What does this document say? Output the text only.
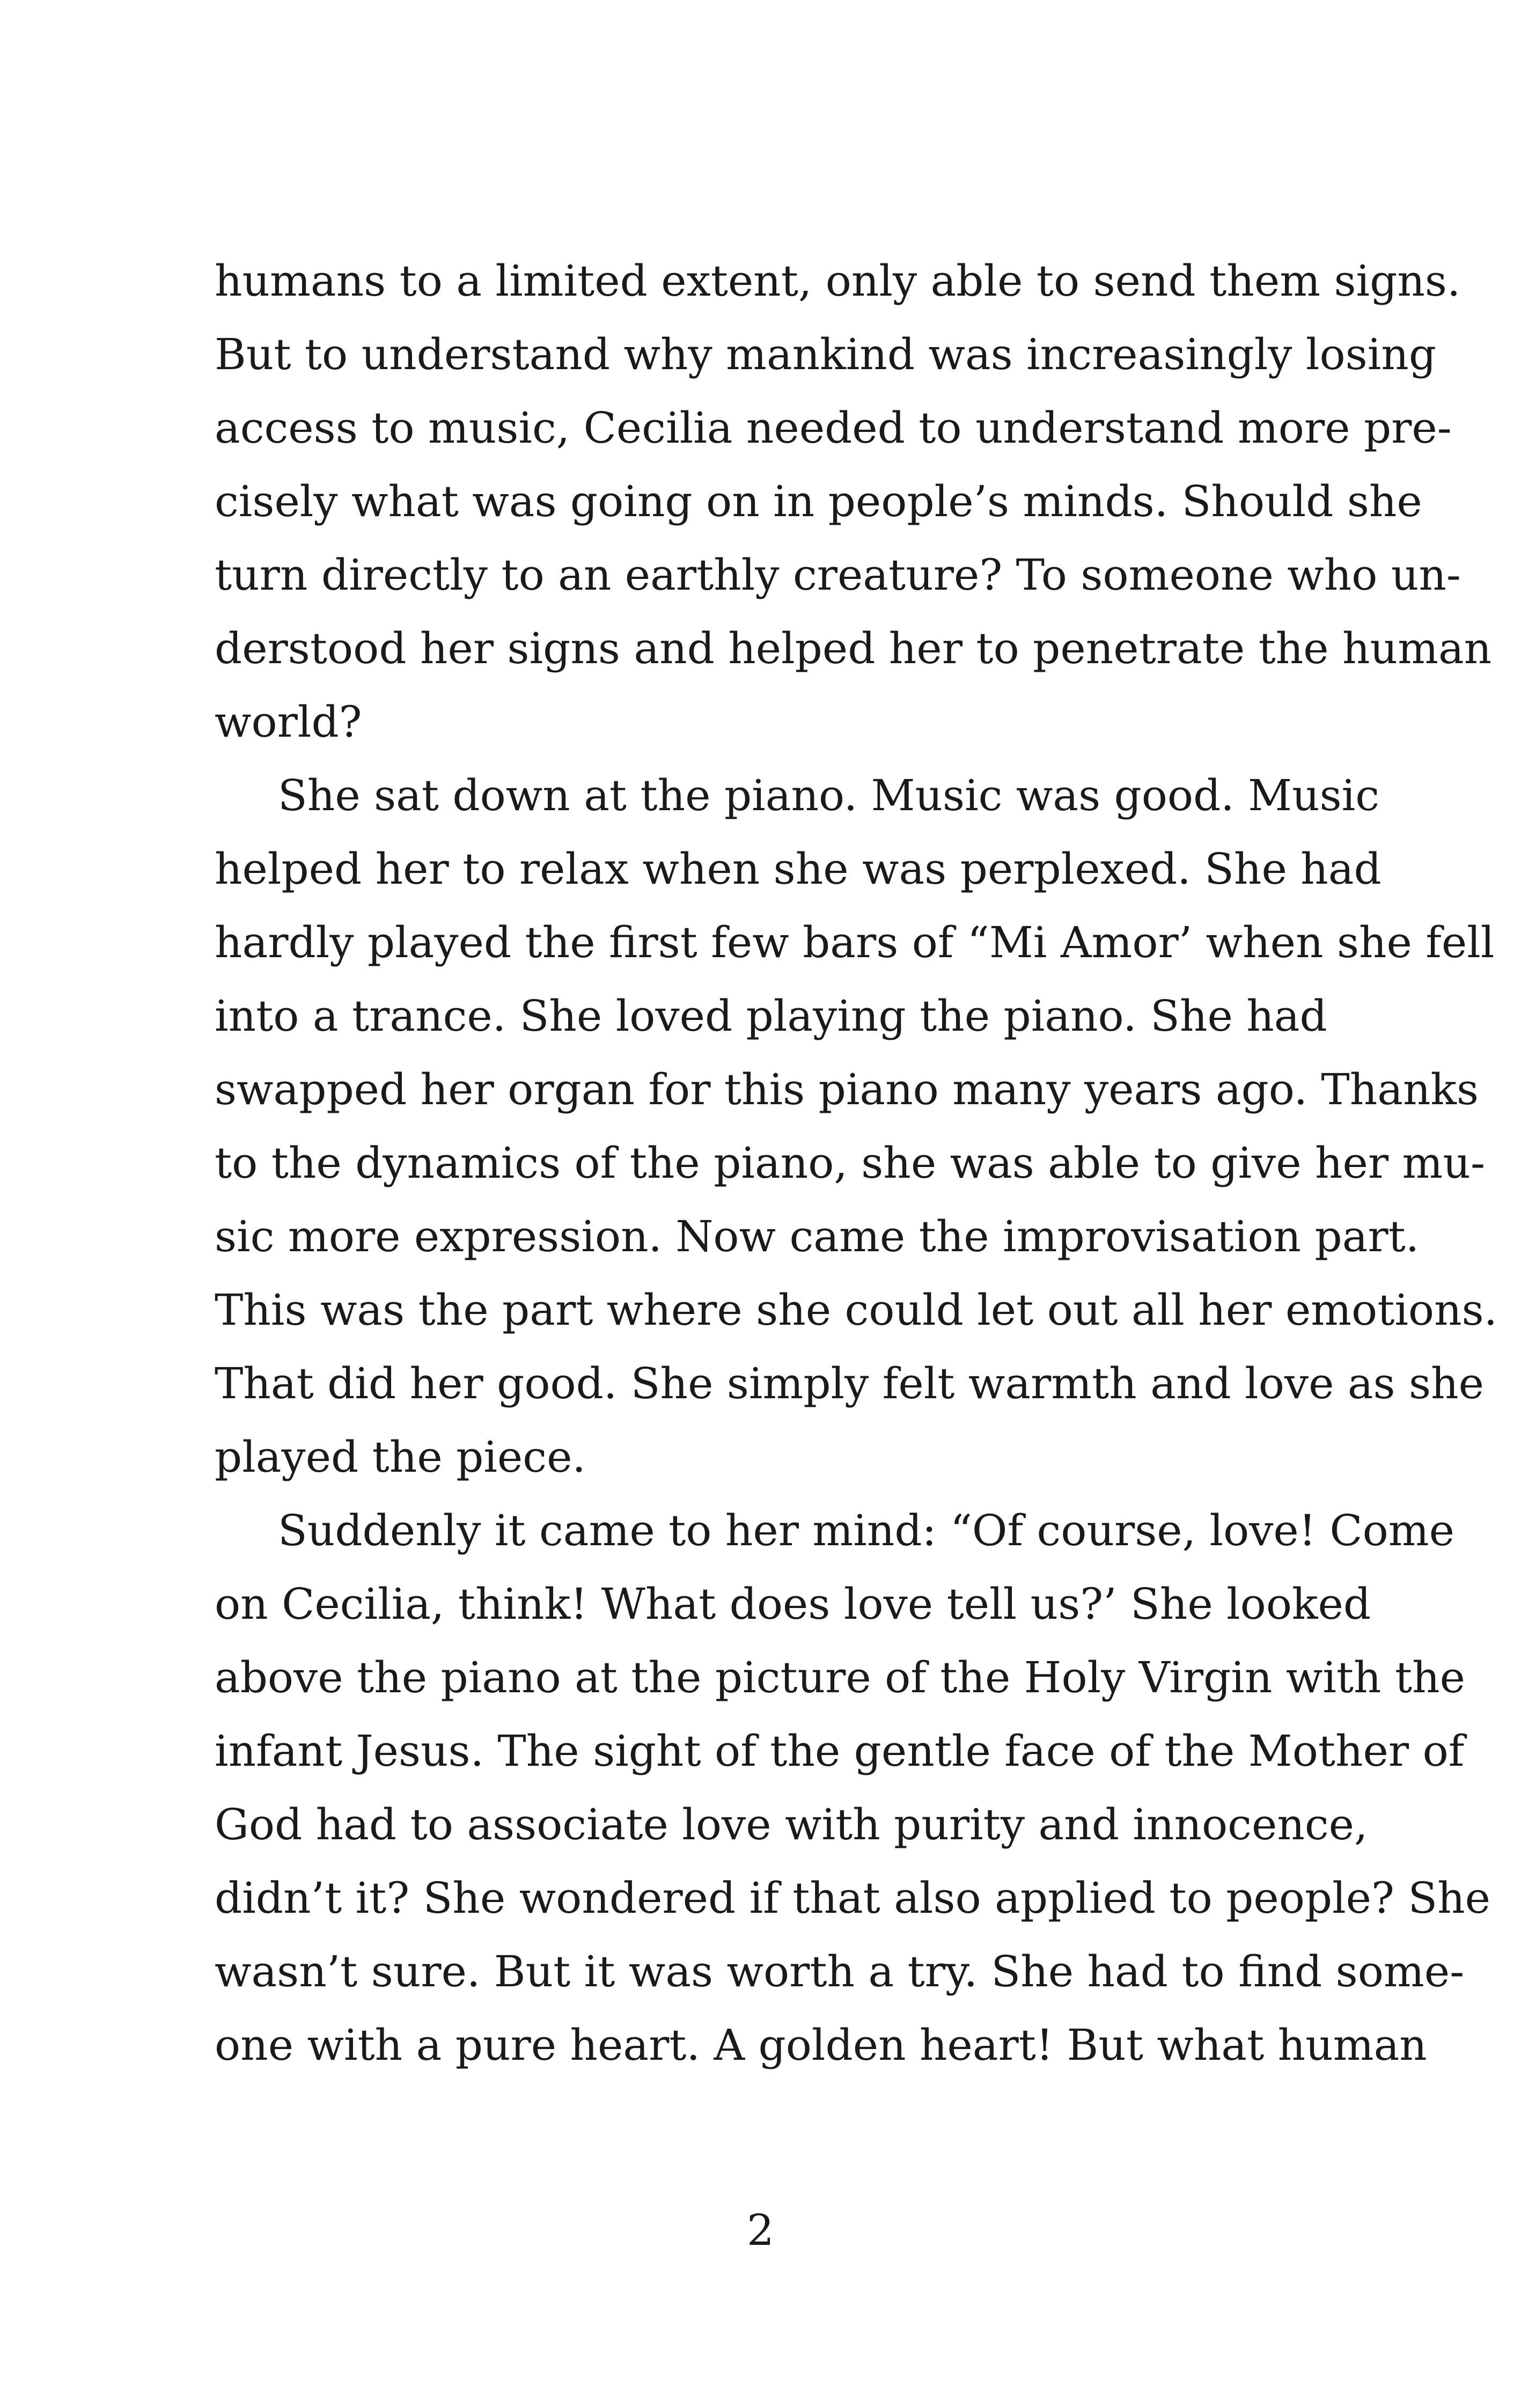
humans to a limited extent, only able to send them signs.
But to understand why mankind was increasingly losing
access to music, Cecilia needed to understand more pre-
cisely what was going on in people’s minds. Should she
turn directly to an earthly creature? To someone who un-
derstood her signs and helped her to penetrate the human
world?
She sat down at the piano. Music was good. Music
helped her to relax when she was perplexed. She had
hardly played the first few bars of “Mi Amor’ when she fell
into a trance. She loved playing the piano. She had
swapped her organ for this piano many years ago. Thanks
to the dynamics of the piano, she was able to give her mu-
sic more expression. Now came the improvisation part.
This was the part where she could let out all her emotions.
That did her good. She simply felt warmth and love as she
played the piece.
Suddenly it came to her mind: “Of course, love! Come
on Cecilia, think! What does love tell us?’ She looked
above the piano at the picture of the Holy Virgin with the
infant Jesus. The sight of the gentle face of the Mother of
God had to associate love with purity and innocence,
didn’t it? She wondered if that also applied to people? She
wasn’t sure. But it was worth a try. She had to find some-
one with a pure heart. A golden heart! But what human
2
